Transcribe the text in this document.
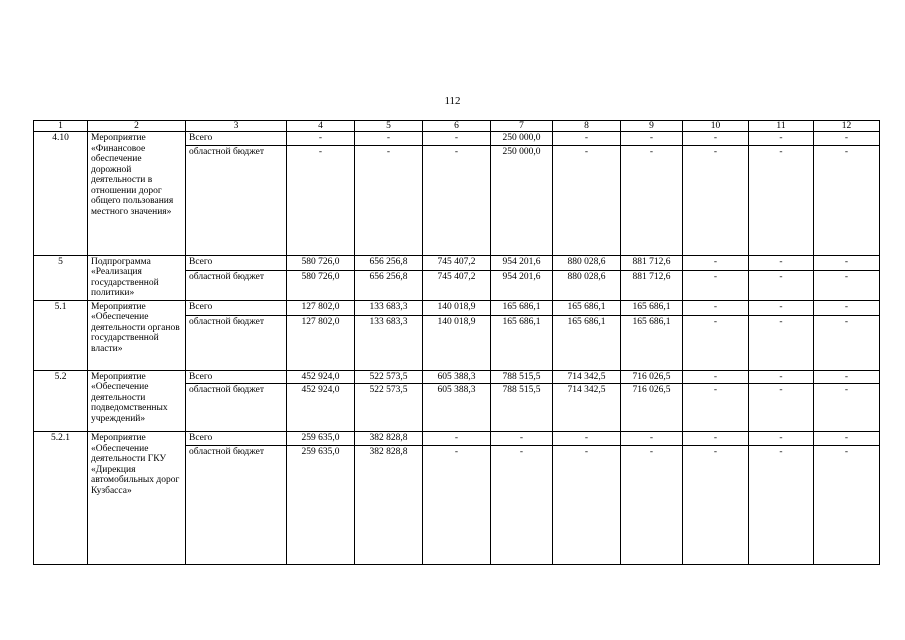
112
1	2	3	4	5	6	7	8	9	10	11	12
4.10	Мероприятие «Финансовое обеспечение дорожной деятельности в отношении дорог общего пользования местного значения»	Всего	-	-	-	250 000,0	-	-	-	-	-
		областной бюджет	-	-	-	250 000,0	-	-	-	-	-
5	Подпрограмма «Реализация государственной политики»	Всего	580 726,0	656 256,8	745 407,2	954 201,6	880 028,6	881 712,6	-	-	-
		областной бюджет	580 726,0	656 256,8	745 407,2	954 201,6	880 028,6	881 712,6	-	-	-
5.1	Мероприятие «Обеспечение деятельности органов государственной власти»	Всего	127 802,0	133 683,3	140 018,9	165 686,1	165 686,1	165 686,1	-	-	-
		областной бюджет	127 802,0	133 683,3	140 018,9	165 686,1	165 686,1	165 686,1	-	-	-
5.2	Мероприятие «Обеспечение деятельности подведомственных учреждений»	Всего	452 924,0	522 573,5	605 388,3	788 515,5	714 342,5	716 026,5	-	-	-
		областной бюджет	452 924,0	522 573,5	605 388,3	788 515,5	714 342,5	716 026,5	-	-	-
5.2.1	Мероприятие «Обеспечение деятельности ГКУ «Дирекция автомобильных дорог Кузбасса»	Всего	259 635,0	382 828,8	-	-	-	-	-	-	-
		областной бюджет	259 635,0	382 828,8	-	-	-	-	-	-	-
